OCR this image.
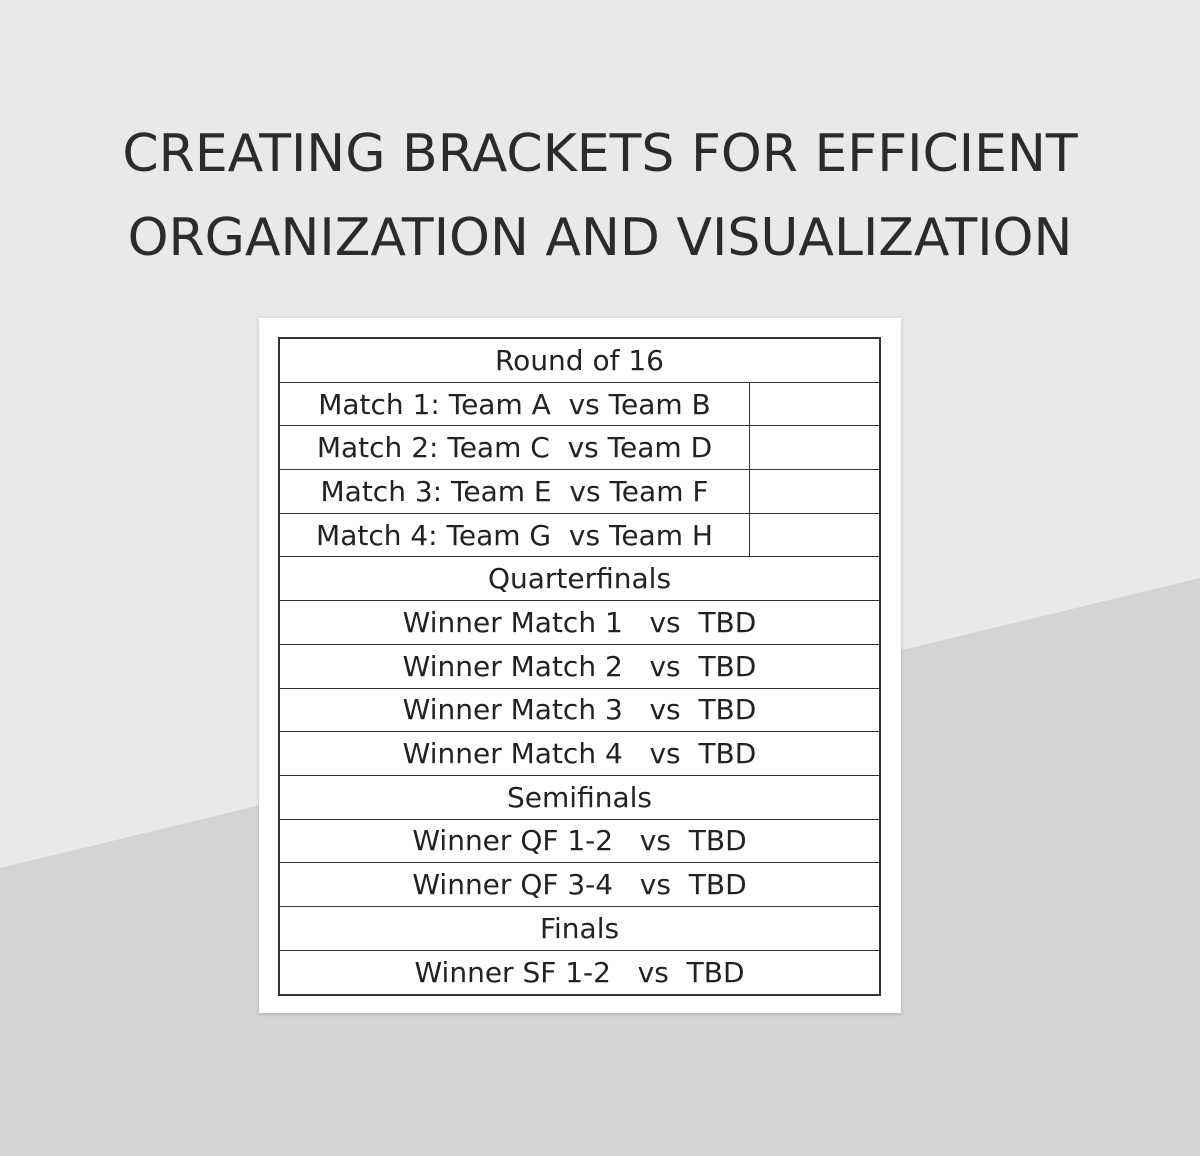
CREATING BRACKETS FOR EFFICIENT
ORGANIZATION AND VISUALIZATION
Round of 16
Match 1: Team A  vs Team B
Match 2: Team C  vs Team D
Match 3: Team E  vs Team F
Match 4: Team G  vs Team H
Quarterfinals
Winner Match 1   vs  TBD
Winner Match 2   vs  TBD
Winner Match 3   vs  TBD
Winner Match 4   vs  TBD
Semifinals
Winner QF 1-2   vs  TBD
Winner QF 3-4   vs  TBD
Finals
Winner SF 1-2   vs  TBD
